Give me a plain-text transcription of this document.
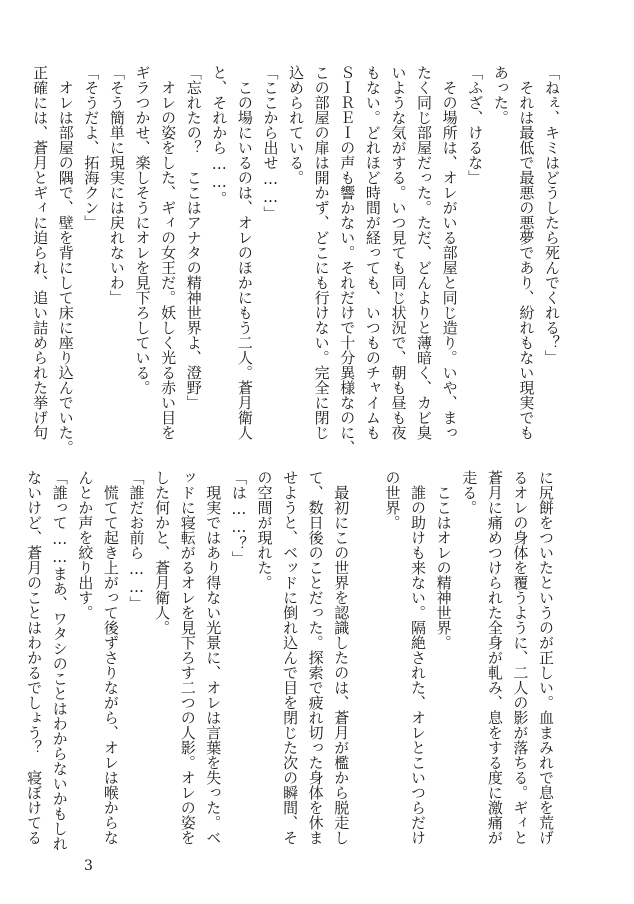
「ねぇ、キミはどうしたら死んでくれる？」
　それは最低で最悪の悪夢であり、紛れもない現実でも
あった。
「ふざ、けるな」
　その場所は、オレがいる部屋と同じ造り。いや、まっ
たく同じ部屋だった。ただ、どんよりと薄暗く、カビ臭
いような気がする。いつ見ても同じ状況で、朝も昼も夜
もない。どれほど時間が経っても、いつものチャイムも
ＳＩＲＥＩの声も響かない。それだけで十分異様なのに、
この部屋の扉は開かず、どこにも行けない。完全に閉じ
込められている。
「ここから出せ……」
　この場にいるのは、オレのほかにもう二人。蒼月衛人
と、それから……。
「忘れたの？　ここはアナタの精神世界よ、澄野」
　オレの姿をした、ギィの女王だ。妖しく光る赤い目を
ギラつかせ、楽しそうにオレを見下ろしている。
「そう簡単に現実には戻れないわ」
「そうだよ、拓海クン」
　オレは部屋の隅で、壁を背にして床に座り込んでいた。
正確には、蒼月とギィに迫られ、追い詰められた挙げ句
に尻餅をついたというのが正しい。血まみれで息を荒げ
るオレの身体を覆うように、二人の影が落ちる。ギィと
蒼月に痛めつけられた全身が軋み、息をする度に激痛が
走る。
　ここはオレの精神世界。
　誰の助けも来ない。隔絶された、オレとこいつらだけ
の世界。

　最初にこの世界を認識したのは、蒼月が檻から脱走し
て、数日後のことだった。探索で疲れ切った身体を休ま
せようと、ベッドに倒れ込んで目を閉じた次の瞬間、そ
の空間が現れた。
「は……？」
　現実ではあり得ない光景に、オレは言葉を失った。ベ
ッドに寝転がるオレを見下ろす二つの人影。オレの姿を
した何かと、蒼月衛人。
「誰だお前ら……」
　慌てて起き上がって後ずさりながら、オレは喉からな
んとか声を絞り出す。
「誰って……まあ、ワタシのことはわからないかもしれ
ないけど、蒼月のことはわかるでしょう？　寝ぼけてる
3
